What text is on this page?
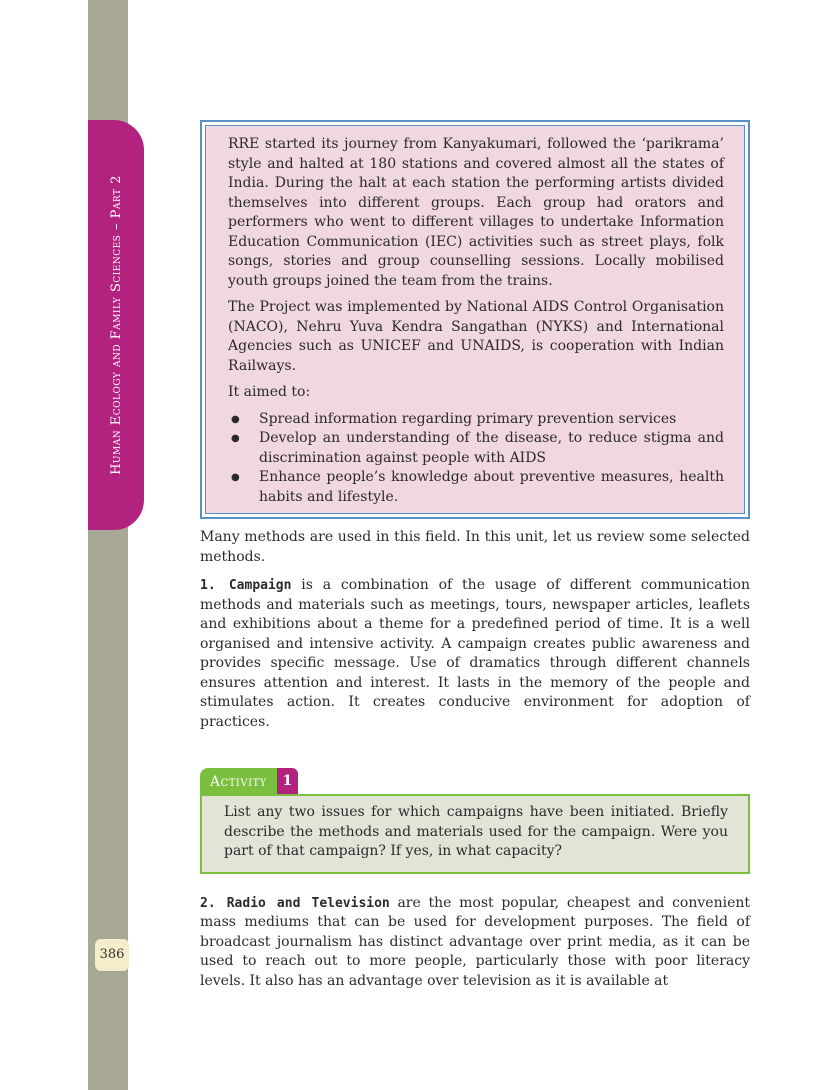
Human Ecology and Family Sciences – Part 2
386

RRE started its journey from Kanyakumari, followed the ‘parikrama’ style and halted at 180 stations and covered almost all the states of India. During the halt at each station the performing artists divided themselves into different groups. Each group had orators and performers who went to different villages to undertake Information Education Communication (IEC) activities such as street plays, folk songs, stories and group counselling sessions. Locally mobilised youth groups joined the team from the trains.

The Project was implemented by National AIDS Control Organisation (NACO), Nehru Yuva Kendra Sangathan (NYKS) and International Agencies such as UNICEF and UNAIDS, is cooperation with Indian Railways.

It aimed to:

● Spread information regarding primary prevention services
● Develop an understanding of the disease, to reduce stigma and discrimination against people with AIDS
● Enhance people’s knowledge about preventive measures, health habits and lifestyle.

Many methods are used in this field. In this unit, let us review some selected methods.

1. Campaign is a combination of the usage of different communication methods and materials such as meetings, tours, newspaper articles, leaflets and exhibitions about a theme for a predefined period of time. It is a well organised and intensive activity. A campaign creates public awareness and provides specific message. Use of dramatics through different channels ensures attention and interest. It lasts in the memory of the people and stimulates action. It creates conducive environment for adoption of practices.

Activity	1
List any two issues for which campaigns have been initiated. Briefly describe the methods and materials used for the campaign. Were you part of that campaign? If yes, in what capacity?

2. Radio and Television are the most popular, cheapest and convenient mass mediums that can be used for development purposes. The field of broadcast journalism has distinct advantage over print media, as it can be used to reach out to more people, particularly those with poor literacy levels. It also has an advantage over television as it is available at
